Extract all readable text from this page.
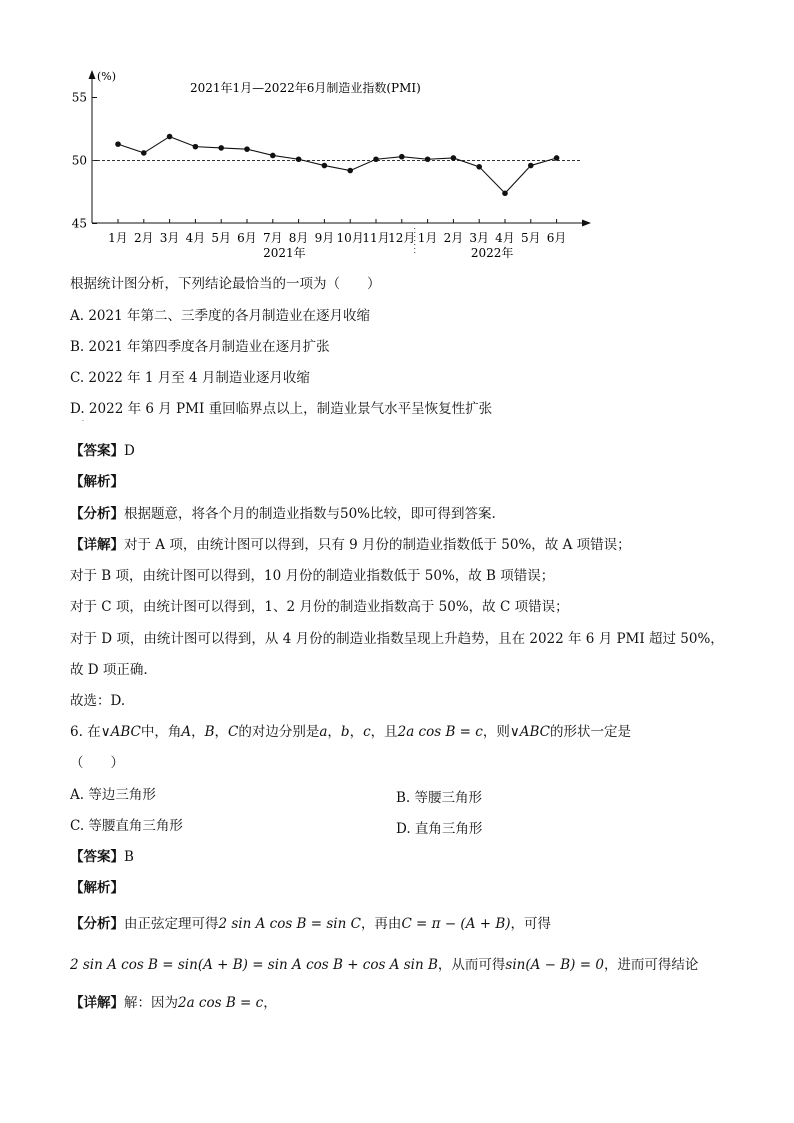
55
50
45
(%)
2021年1月—2022年6月制造业指数(PMI)
1月 2月 3月 4月 5月 6月 7月 8月 9月 10月
11月
12月 1月 2月 3月 4月 5月 6月
2021年	2022年
根据统计图分析，下列结论最恰当的一项为（　　）
A. 2021 年第二、三季度的各月制造业在逐月收缩
B. 2021 年第四季度各月制造业在逐月扩张
C. 2022 年 1 月至 4 月制造业逐月收缩
D. 2022 年 6 月 PMI 重回临界点以上，制造业景气水平呈恢复性扩张
·
【答案】D
【解析】
【分析】根据题意，将各个月的制造业指数与50%比较，即可得到答案.
【详解】对于 A 项，由统计图可以得到，只有 9 月份的制造业指数低于 50%，故 A 项错误；
对于 B 项，由统计图可以得到，10 月份的制造业指数低于 50%，故 B 项错误；
对于 C 项，由统计图可以得到，1、2 月份的制造业指数高于 50%，故 C 项错误；
对于 D 项，由统计图可以得到，从 4 月份的制造业指数呈现上升趋势，且在 2022 年 6 月 PMI 超过 50%，
故 D 项正确.
故选：D.
6. 在∨ABC中，角A，B，C的对边分别是a，b，c，且2a cos B = c，则∨ABC的形状一定是
（　　）
A. 等边三角形	B. 等腰三角形
C. 等腰直角三角形	D. 直角三角形
【答案】B
【解析】
【分析】由正弦定理可得2 sin A cos B = sin C，再由C = π − (A + B)，可得
2 sin A cos B = sin(A + B) = sin A cos B + cos A sin B，从而可得sin(A − B) = 0，进而可得结论
【详解】解：因为2a cos B = c，
